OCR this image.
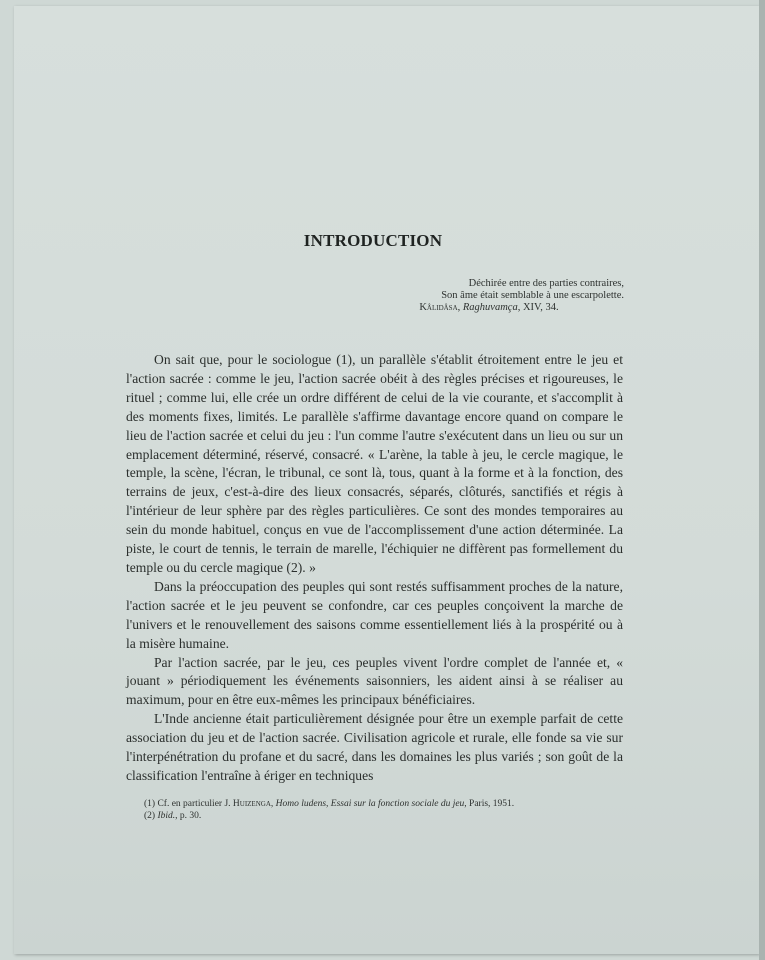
INTRODUCTION
Déchirée entre des parties contraires,
Son âme était semblable à une escarpolette.
Kâlidâsa, Raghuvamça, XIV, 34.

On sait que, pour le sociologue (1), un parallèle s'établit étroitement entre le jeu et l'action sacrée : comme le jeu, l'action sacrée obéit à des règles précises et rigoureuses, le rituel ; comme lui, elle crée un ordre différent de celui de la vie courante, et s'accomplit à des moments fixes, limités. Le parallèle s'affirme davantage encore quand on compare le lieu de l'action sacrée et celui du jeu : l'un comme l'autre s'exécutent dans un lieu ou sur un emplacement déterminé, réservé, consacré. « L'arène, la table à jeu, le cercle magique, le temple, la scène, l'écran, le tribunal, ce sont là, tous, quant à la forme et à la fonction, des terrains de jeux, c'est-à-dire des lieux consacrés, séparés, clôturés, sanctifiés et régis à l'intérieur de leur sphère par des règles particulières. Ce sont des mondes temporaires au sein du monde habituel, conçus en vue de l'accomplissement d'une action déterminée. La piste, le court de tennis, le terrain de marelle, l'échiquier ne diffèrent pas formellement du temple ou du cercle magique (2). »

Dans la préoccupation des peuples qui sont restés suffisamment proches de la nature, l'action sacrée et le jeu peuvent se confondre, car ces peuples conçoivent la marche de l'univers et le renouvellement des saisons comme essentiellement liés à la prospérité ou à la misère humaine.

Par l'action sacrée, par le jeu, ces peuples vivent l'ordre complet de l'année et, « jouant » périodiquement les événements saisonniers, les aident ainsi à se réaliser au maximum, pour en être eux-mêmes les principaux bénéficiaires.

L'Inde ancienne était particulièrement désignée pour être un exemple parfait de cette association du jeu et de l'action sacrée. Civilisation agricole et rurale, elle fonde sa vie sur l'interpénétration du profane et du sacré, dans les domaines les plus variés ; son goût de la classification l'entraîne à ériger en techniques

(1) Cf. en particulier J. Huizenga, Homo ludens, Essai sur la fonction sociale du jeu, Paris, 1951.
(2) Ibid., p. 30.
